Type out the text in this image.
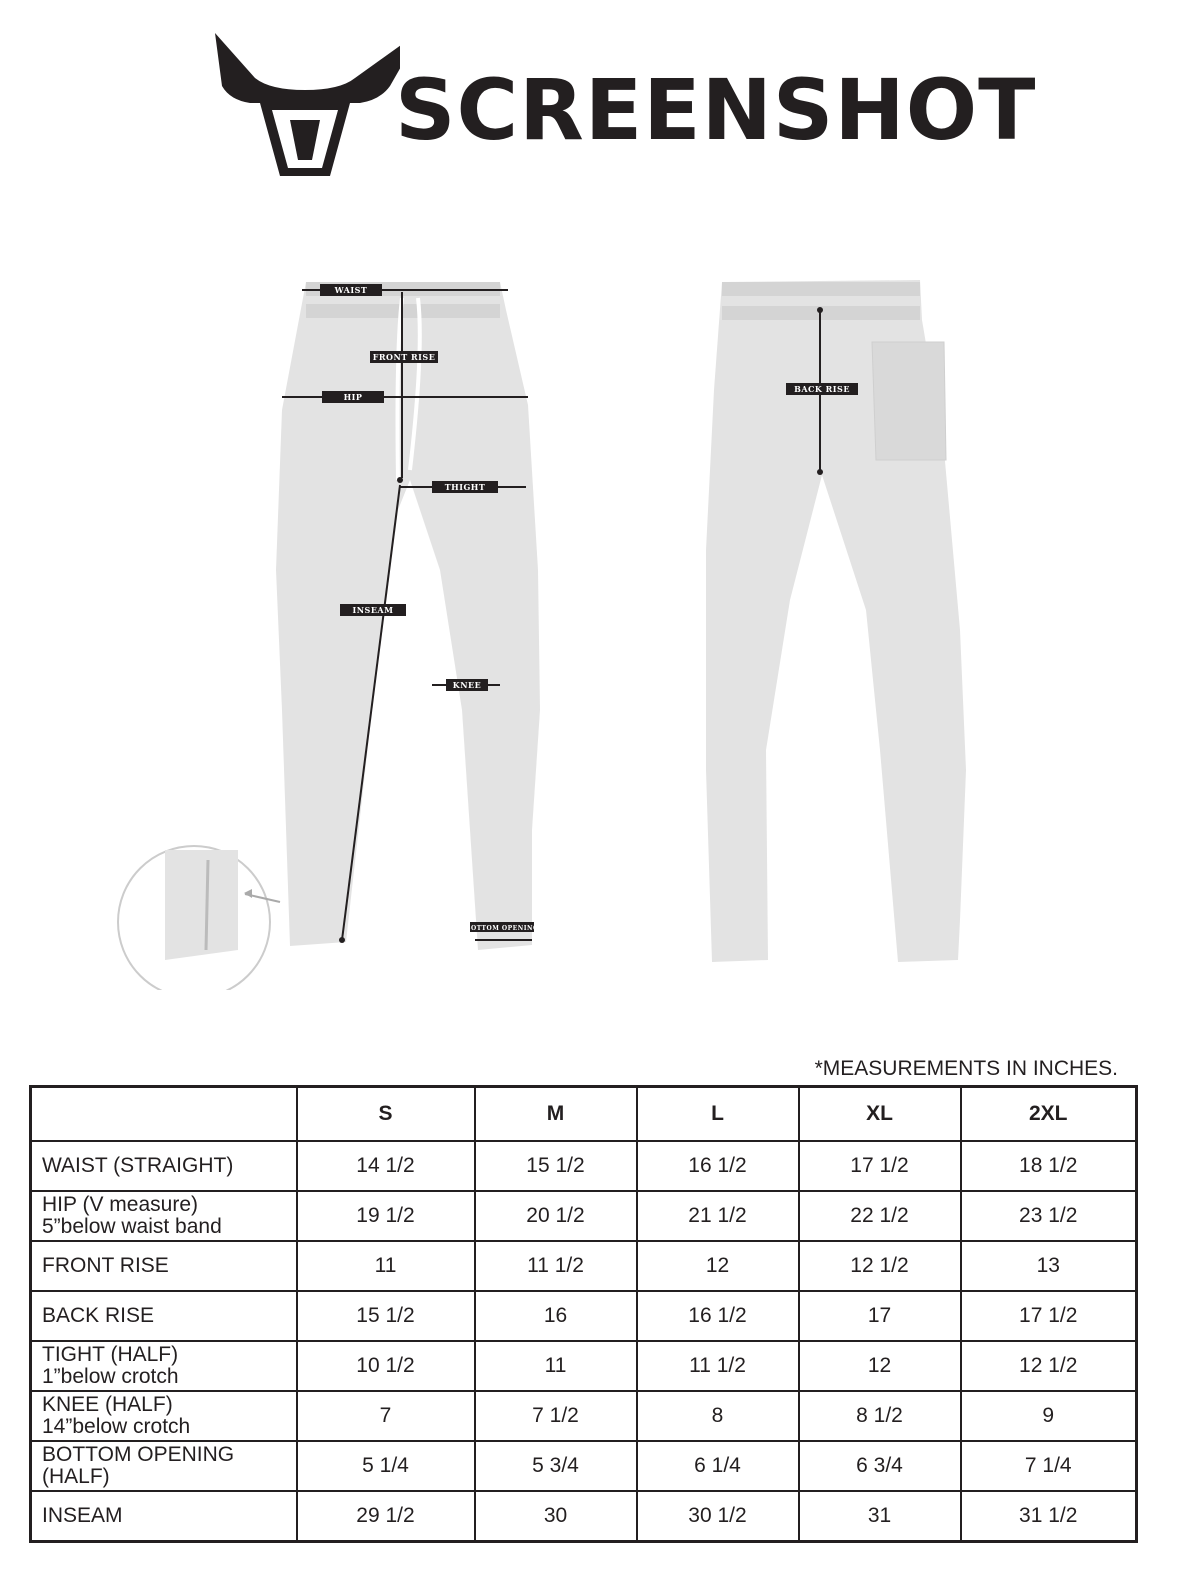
SCREENSHOT
WAIST
FRONT RISE
HIP
THIGHT
INSEAM
KNEE
BOTTOM OPENING
BACK RISE
*MEASUREMENTS IN INCHES.
	S	M	L	XL	2XL
WAIST (STRAIGHT)	14 1/2	15 1/2	16 1/2	17 1/2	18 1/2

HIP (V measure)
5”below waist band	19 1/2	20 1/2	21 1/2	22 1/2	23 1/2
FRONT RISE	11	11 1/2	12	12 1/2	13
BACK RISE	15 1/2	16	16 1/2	17	17 1/2

TIGHT (HALF)
1”below crotch	10 1/2	11	11 1/2	12	12 1/2

KNEE (HALF)
14”below crotch	7	7 1/2	8	8 1/2	9
BOTTOM OPENING (HALF)	5 1/4	5 3/4	6 1/4	6 3/4	7 1/4
INSEAM	29 1/2	30	30 1/2	31	31 1/2
